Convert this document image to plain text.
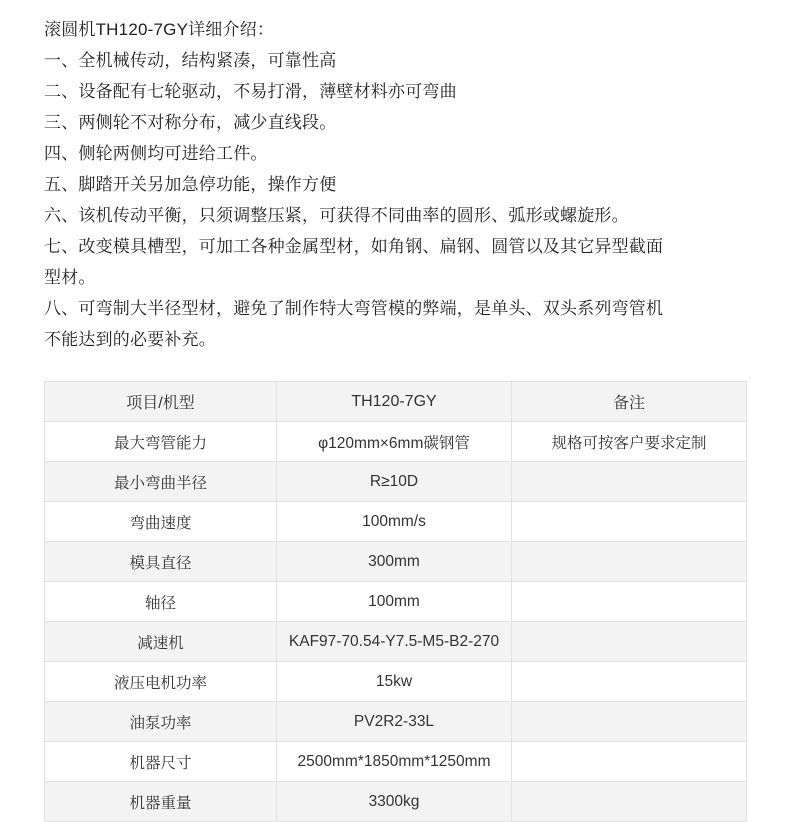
滚圆机TH120-7GY详细介绍：
一、全机械传动，结构紧凑，可靠性高
二、设备配有七轮驱动，不易打滑，薄壁材料亦可弯曲
三、两侧轮不对称分布，减少直线段。
四、侧轮两侧均可进给工件。
五、脚踏开关另加急停功能，操作方便
六、该机传动平衡，只须调整压紧，可获得不同曲率的圆形、弧形或螺旋形。
七、改变模具槽型，可加工各种金属型材，如角钢、扁钢、圆管以及其它异型截面
型材。
八、可弯制大半径型材，避免了制作特大弯管模的弊端，是单头、双头系列弯管机
不能达到的必要补充。
项目/机型	TH120-7GY	备注
最大弯管能力	φ120mm×6mm碳钢管	规格可按客户要求定制
最小弯曲半径	R≥10D	
弯曲速度	100mm/s	
模具直径	300mm	
轴径	100mm	
减速机	KAF97-70.54-Y7.5-M5-B2-270	
液压电机功率	15kw	
油泵功率	PV2R2-33L	
机器尺寸	2500mm*1850mm*1250mm	
机器重量	3300kg	
